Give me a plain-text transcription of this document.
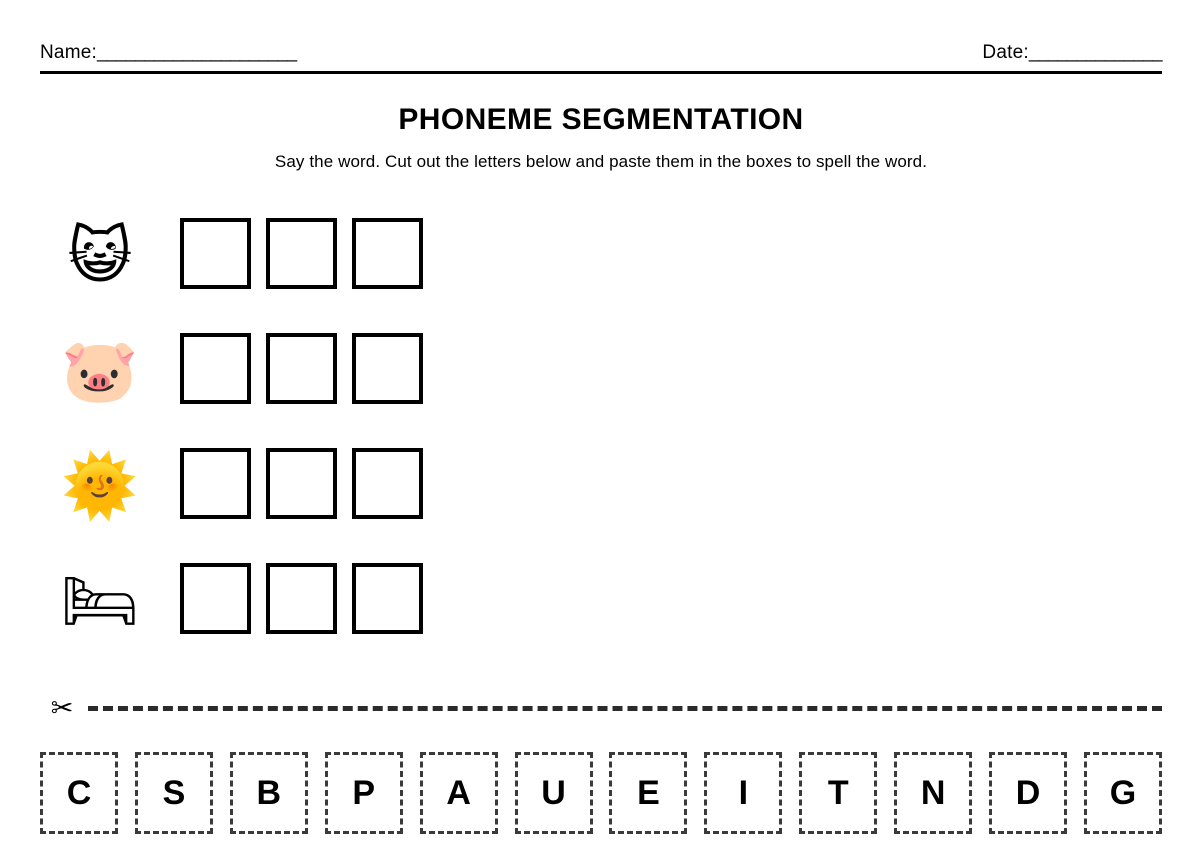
Name:_____________________	Date:______________
PHONEME SEGMENTATION
Say the word. Cut out the letters below and paste them in the boxes to spell the word.
😺
🐷
🌞
🛏
✂
C S B P A U E I T N D G
